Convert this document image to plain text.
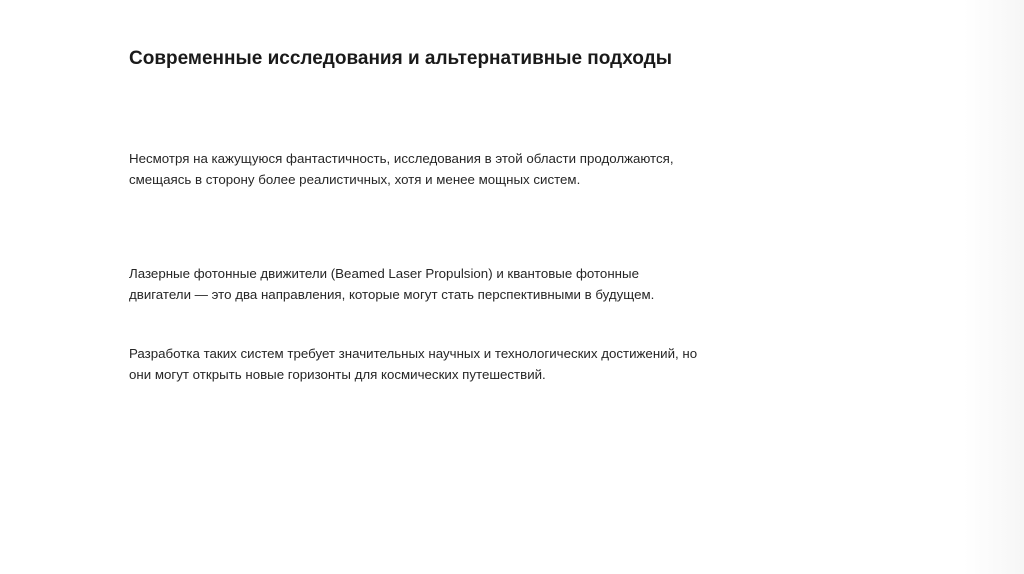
Современные исследования и альтернативные подходы

Несмотря на кажущуюся фантастичность, исследования в этой области продолжаются, смещаясь в сторону более реалистичных, хотя и менее мощных систем.

Лазерные фотонные движители (Beamed Laser Propulsion) и квантовые фотонные двигатели — это два направления, которые могут стать перспективными в будущем.

Разработка таких систем требует значительных научных и технологических достижений, но они могут открыть новые горизонты для космических путешествий.
